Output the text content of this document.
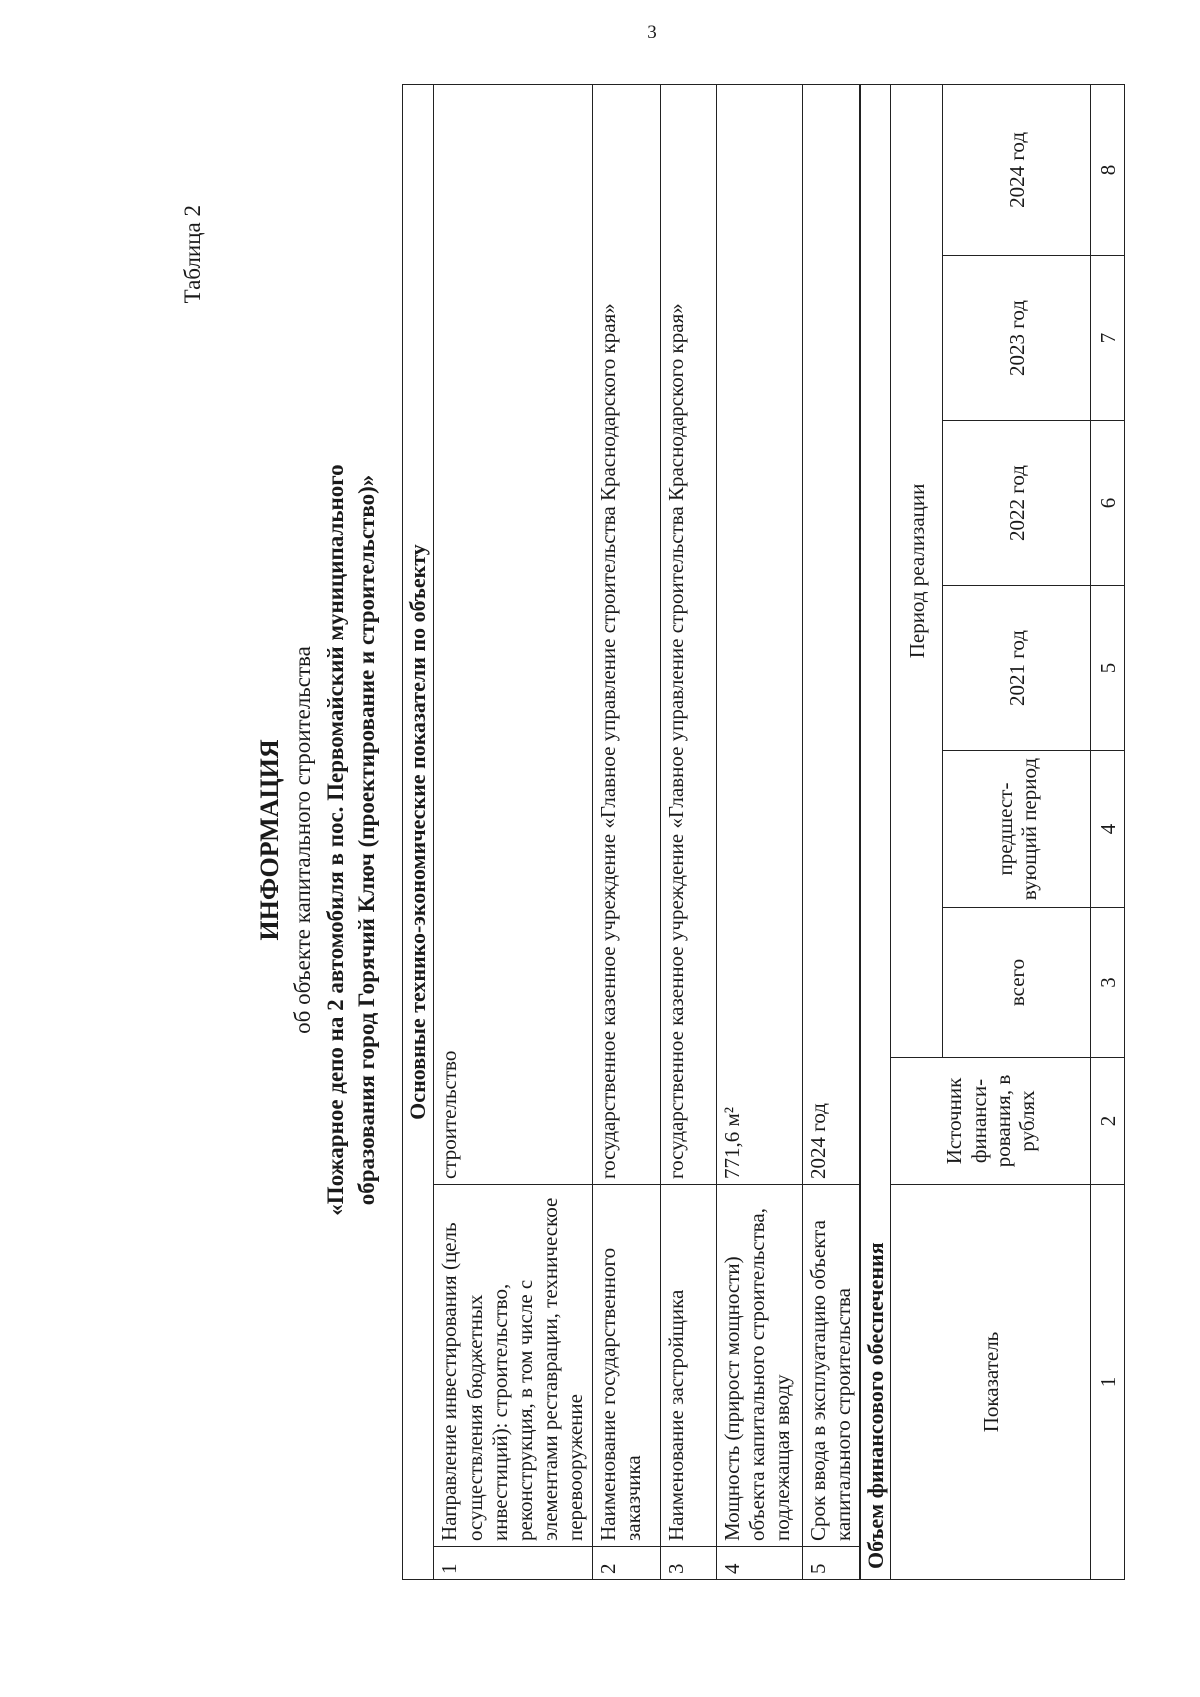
3

Таблица 2

ИНФОРМАЦИЯ об объекте капитального строительства «Пожарное депо на 2 автомобиля в пос. Первомайский муниципального образования город Горячий Ключ (проектирование и строительство)» Основные технико-экономические показатели по объекту		
1	Направление инвестирования (цель осуществления бюджетных инвестиций): строительство, реконструкция, в том числе с элементами реставрации, техническое перевооружение	строительство
2	Наименование государственного заказчика	государственное казенное учреждение «Главное управление строительства Краснодарского края»
3	Наименование застройщика	государственное казенное учреждение «Главное управление строительства Краснодарского края»
4	Мощность (прирост мощности) объекта капитального строительства, подлежащая вводу	771,6 м²
5	Срок ввода в эксплуатацию объекта капитального строительства	2024 год
Объем финансового обеспечения							
Показатель	Источник финанси- рования, в рублях	Период реализации					
		всего	предшест- вующий период	2021 год	2022 год	2023 год	2024 год
1	2	3	4	5	6	7	8
